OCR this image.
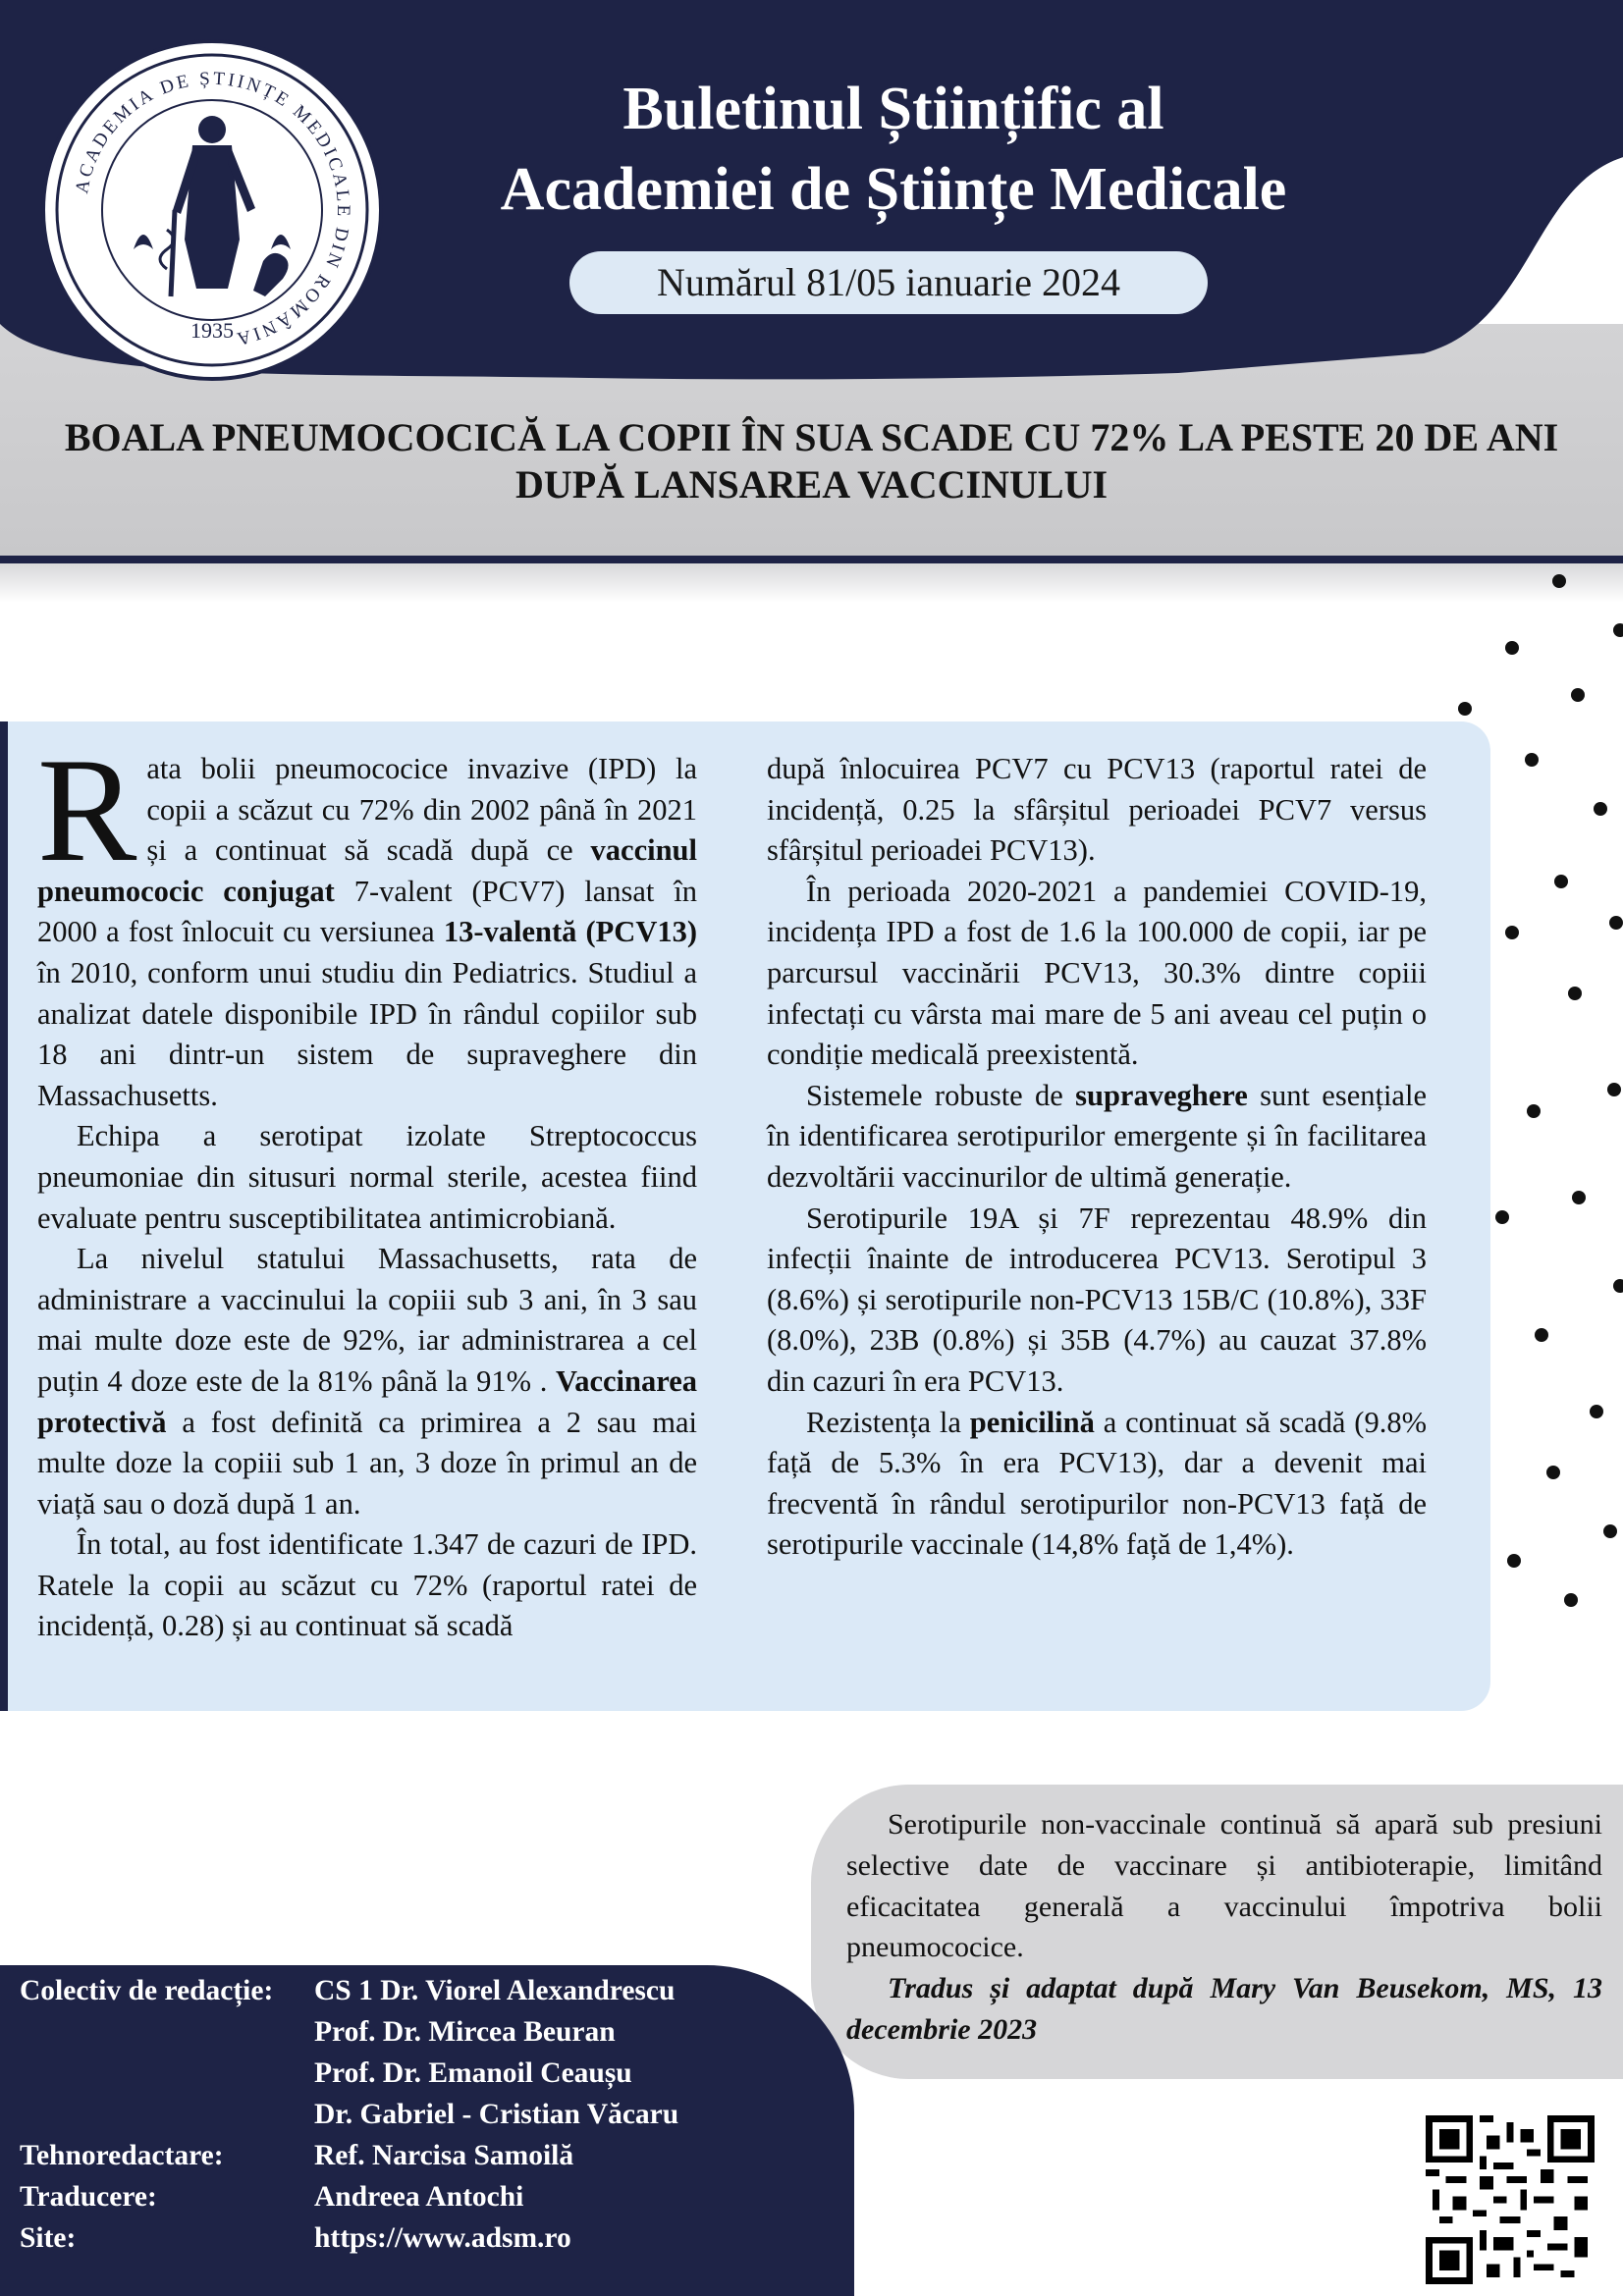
ACADEMIA DE ȘTIINȚE MEDICALE DIN ROMÂNIA
1935
Buletinul Științific al
Academiei de Științe Medicale
Numărul 81/05 ianuarie 2024
BOALA PNEUMOCOCICĂ LA COPII ÎN SUA SCADE CU 72% LA PESTE 20 DE ANI
DUPĂ LANSAREA VACCINULUI

Rata bolii pneumococice invazive (IPD) la copii a scăzut cu 72% din 2002 până în 2021 și a continuat să scadă după ce vaccinul pneumococic conjugat 7-valent (PCV7) lansat în 2000 a fost înlocuit cu versiunea 13-valentă (PCV13) în 2010, conform unui studiu din Pediatrics. Studiul a analizat datele disponibile IPD în rândul copiilor sub 18 ani dintr-un sistem de supraveghere din Massachusetts.

Echipa a serotipat izolate Streptococcus pneumoniae din situsuri normal sterile, acestea fiind evaluate pentru susceptibilitatea antimicrobiană.

La nivelul statului Massachusetts, rata de administrare a vaccinului la copiii sub 3 ani, în 3 sau mai multe doze este de 92%, iar administrarea a cel puțin 4 doze este de la 81% până la 91% . Vaccinarea protectivă a fost definită ca primirea a 2 sau mai multe doze la copiii sub 1 an, 3 doze în primul an de viață sau o doză după 1 an.

În total, au fost identificate 1.347 de cazuri de IPD. Ratele la copii au scăzut cu 72% (raportul ratei de incidență, 0.28) și au continuat să scadă

după înlocuirea PCV7 cu PCV13 (raportul ratei de incidență, 0.25 la sfârșitul perioadei PCV7 versus sfârșitul perioadei PCV13).

În perioada 2020-2021 a pandemiei COVID-19, incidența IPD a fost de 1.6 la 100.000 de copii, iar pe parcursul vaccinării PCV13, 30.3% dintre copiii infectați cu vârsta mai mare de 5 ani aveau cel puțin o condiție medicală preexistentă.

Sistemele robuste de supraveghere sunt esențiale în identificarea serotipurilor emergente și în facilitarea dezvoltării vaccinurilor de ultimă generație.

Serotipurile 19A și 7F reprezentau 48.9% din infecții înainte de introducerea PCV13. Serotipul 3 (8.6%) și serotipurile non-PCV13 15B/C (10.8%), 33F (8.0%), 23B (0.8%) și 35B (4.7%) au cauzat 37.8% din cazuri în era PCV13.

Rezistența la penicilină a continuat să scadă (9.8% față de 5.3% în era PCV13), dar a devenit mai frecventă în rândul serotipurilor non-PCV13 față de serotipurile vaccinale (14,8% față de 1,4%).

Serotipurile non-vaccinale continuă să apară sub presiuni selective date de vaccinare și antibioterapie, limitând eficacitatea generală a vaccinului împotriva bolii pneumococice.

Tradus și adaptat după Mary Van Beusekom, MS, 13 decembrie 2023

Colectiv de redacție: CS 1 Dr. Viorel Alexandrescu
Prof. Dr. Mircea Beuran
Prof. Dr. Emanoil Ceaușu
Dr. Gabriel - Cristian Văcaru
Tehnoredactare:	Ref. Narcisa Samoilă
Traducere:	Andreea Antochi
Site:	https://www.adsm.ro
